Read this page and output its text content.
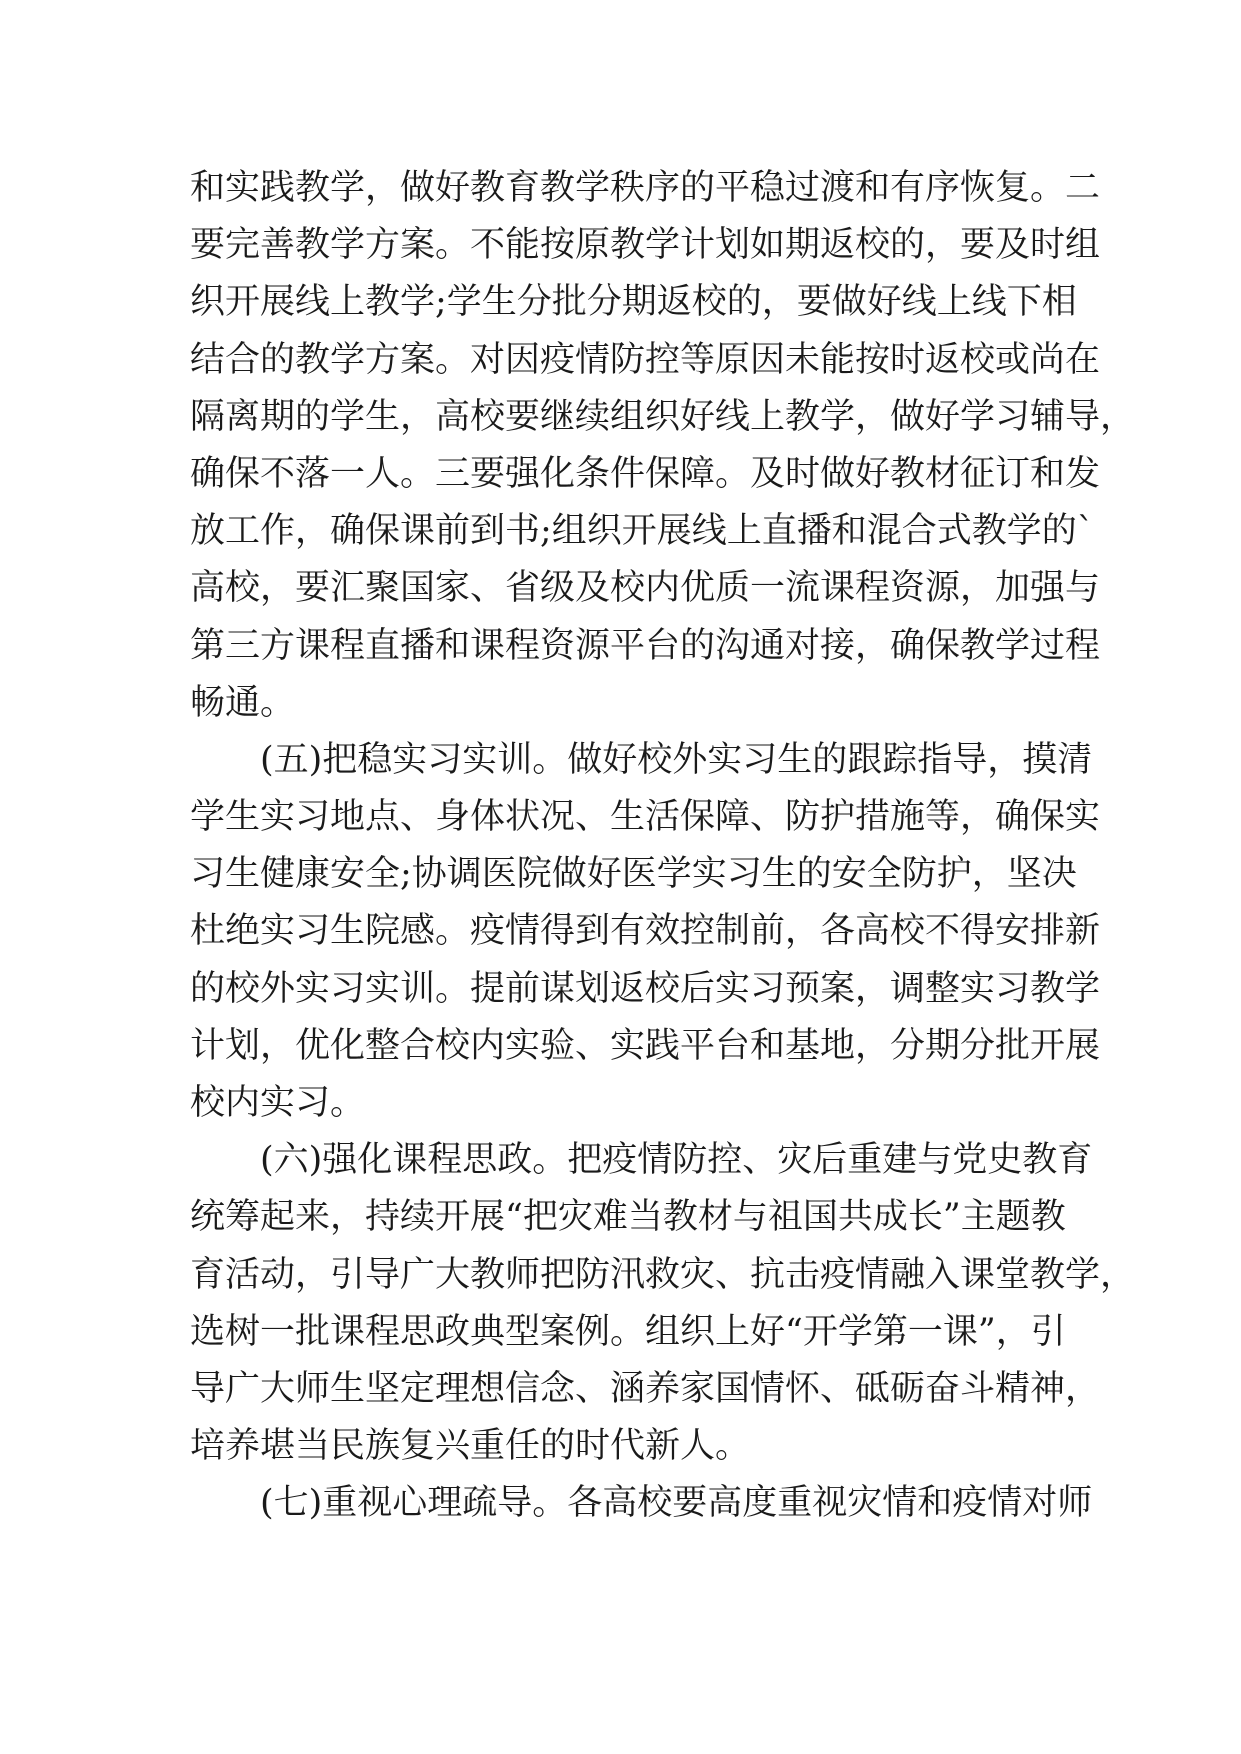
和实践教学，做好教育教学秩序的平稳过渡和有序恢复。二
要完善教学方案。不能按原教学计划如期返校的，要及时组
织开展线上教学;学生分批分期返校的，要做好线上线下相
结合的教学方案。对因疫情防控等原因未能按时返校或尚在
隔离期的学生，高校要继续组织好线上教学，做好学习辅导，
确保不落一人。三要强化条件保障。及时做好教材征订和发
放工作，确保课前到书;组织开展线上直播和混合式教学的`
高校，要汇聚国家、省级及校内优质一流课程资源，加强与
第三方课程直播和课程资源平台的沟通对接，确保教学过程
畅通。
(五)把稳实习实训。做好校外实习生的跟踪指导，摸清
学生实习地点、身体状况、生活保障、防护措施等，确保实
习生健康安全;协调医院做好医学实习生的安全防护，坚决
杜绝实习生院感。疫情得到有效控制前，各高校不得安排新
的校外实习实训。提前谋划返校后实习预案，调整实习教学
计划，优化整合校内实验、实践平台和基地，分期分批开展
校内实习。
(六)强化课程思政。把疫情防控、灾后重建与党史教育
统筹起来，持续开展“把灾难当教材与祖国共成长”主题教
育活动，引导广大教师把防汛救灾、抗击疫情融入课堂教学，
选树一批课程思政典型案例。组织上好“开学第一课”，引
导广大师生坚定理想信念、涵养家国情怀、砥砺奋斗精神，
培养堪当民族复兴重任的时代新人。
(七)重视心理疏导。各高校要高度重视灾情和疫情对师
